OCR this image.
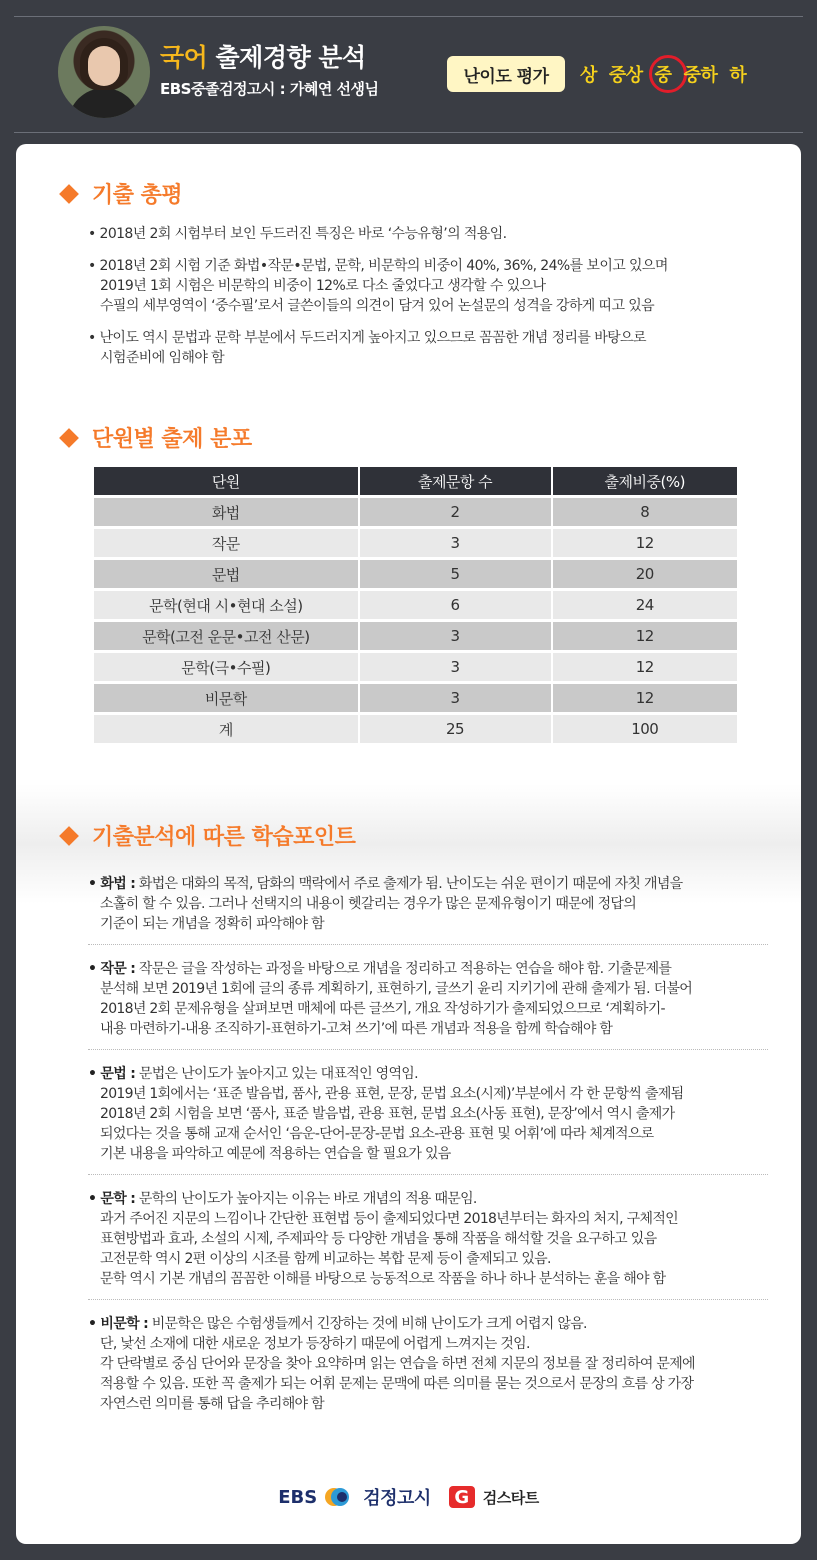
국어 출제경향 분석
EBS중졸검정고시 : 가혜연 선생님
난이도 평가	상 중상 중 중하 하
기출 총평
• 2018년 2회 시험부터 보인 두드러진 특징은 바로 ‘수능유형’의 적용임.
• 2018년 2회 시험 기준 화법•작문•문법, 문학, 비문학의 비중이 40%, 36%, 24%를 보이고 있으며
2019년 1회 시험은 비문학의 비중이 12%로 다소 줄었다고 생각할 수 있으나
수필의 세부영역이 ‘중수필’로서 글쓴이들의 의견이 담겨 있어 논설문의 성격을 강하게 띠고 있음
• 난이도 역시 문법과 문학 부분에서 두드러지게 높아지고 있으므로 꼼꼼한 개념 정리를 바탕으로
시험준비에 임해야 함
단원별 출제 분포
단원	출제문항 수	출제비중(%)
화법	2	8
작문	3	12
문법	5	20
문학(현대 시•현대 소설)	6	24
문학(고전 운문•고전 산문)	3	12
문학(극•수필)	3	12
비문학	3	12
계	25	100
기출분석에 따른 학습포인트
• 화법 : 화법은 대화의 목적, 담화의 맥락에서 주로 출제가 됨. 난이도는 쉬운 편이기 때문에 자칫 개념을
소홀히 할 수 있음. 그러나 선택지의 내용이 헷갈리는 경우가 많은 문제유형이기 때문에 정답의
기준이 되는 개념을 정확히 파악해야 함
• 작문 : 작문은 글을 작성하는 과정을 바탕으로 개념을 정리하고 적용하는 연습을 해야 함. 기출문제를
분석해 보면 2019년 1회에 글의 종류 계획하기, 표현하기, 글쓰기 윤리 지키기에 관해 출제가 됨. 더불어
2018년 2회 문제유형을 살펴보면 매체에 따른 글쓰기, 개요 작성하기가 출제되었으므로 ‘계획하기-
내용 마련하기-내용 조직하기-표현하기-고쳐 쓰기’에 따른 개념과 적용을 함께 학습해야 함
• 문법 : 문법은 난이도가 높아지고 있는 대표적인 영역임.
2019년 1회에서는 ‘표준 발음법, 품사, 관용 표현, 문장, 문법 요소(시제)’부분에서 각 한 문항씩 출제됨
2018년 2회 시험을 보면 ‘품사, 표준 발음법, 관용 표현, 문법 요소(사동 표현), 문장’에서 역시 출제가
되었다는 것을 통해 교재 순서인 ‘음운-단어-문장-문법 요소-관용 표현 및 어휘’에 따라 체계적으로
기본 내용을 파악하고 예문에 적용하는 연습을 할 필요가 있음
• 문학 : 문학의 난이도가 높아지는 이유는 바로 개념의 적용 때문임.
과거 주어진 지문의 느낌이나 간단한 표현법 등이 출제되었다면 2018년부터는 화자의 처지, 구체적인
표현방법과 효과, 소설의 시제, 주제파악 등 다양한 개념을 통해 작품을 해석할 것을 요구하고 있음
고전문학 역시 2편 이상의 시조를 함께 비교하는 복합 문제 등이 출제되고 있음.
문학 역시 기본 개념의 꼼꼼한 이해를 바탕으로 능동적으로 작품을 하나 하나 분석하는 훈을 해야 함
• 비문학 : 비문학은 많은 수험생들께서 긴장하는 것에 비해 난이도가 크게 어렵지 않음.
단, 낯선 소재에 대한 새로운 정보가 등장하기 때문에 어렵게 느껴지는 것임.
각 단락별로 중심 단어와 문장을 찾아 요약하며 읽는 연습을 하면 전체 지문의 정보를 잘 정리하여 문제에
적용할 수 있음. 또한 꼭 출제가 되는 어휘 문제는 문맥에 따른 의미를 묻는 것으로서 문장의 흐름 상 가장
자연스런 의미를 통해 답을 추리해야 함
EBS	검정고시	G 검스타트
